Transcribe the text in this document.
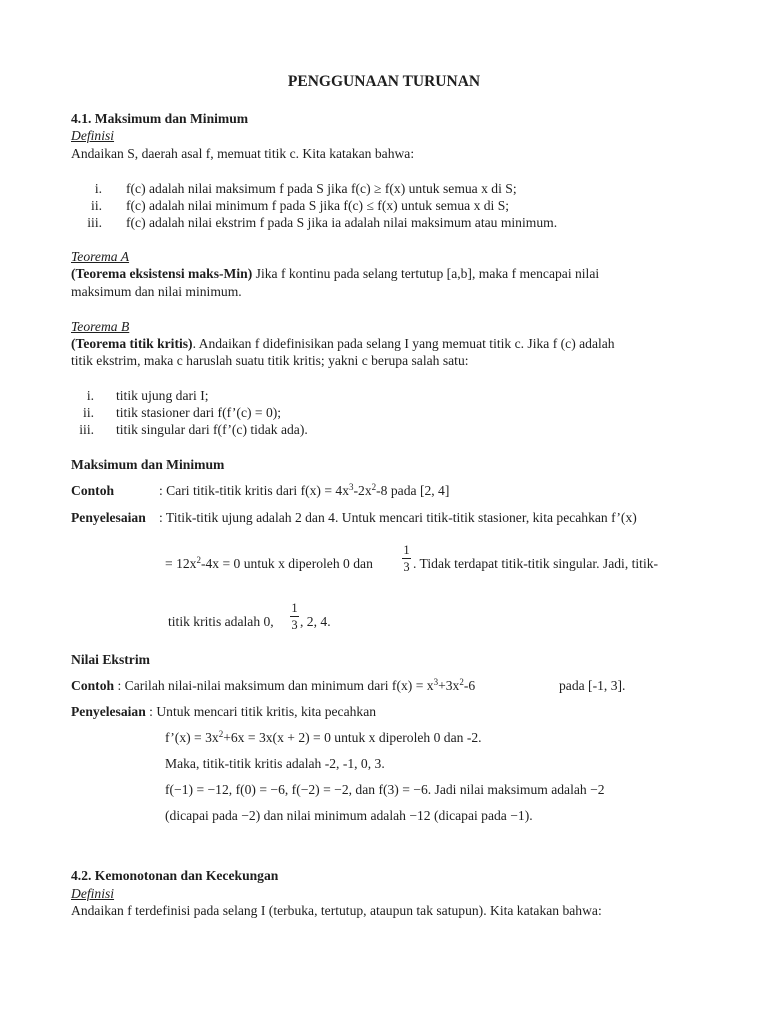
PENGGUNAAN TURUNAN
4.1. Maksimum dan Minimum
Definisi
Andaikan S, daerah asal f, memuat titik c. Kita katakan bahwa:
i. f(c) adalah nilai maksimum f pada S jika f(c) ≥ f(x) untuk semua x di S;
ii. f(c) adalah nilai minimum f pada S jika f(c) ≤ f(x) untuk semua x di S;
iii. f(c) adalah nilai ekstrim f pada S jika ia adalah nilai maksimum atau minimum.
Teorema A
(Teorema eksistensi maks-Min) Jika f kontinu pada selang tertutup [a,b], maka f mencapai nilai
maksimum dan nilai minimum.
Teorema B
(Teorema titik kritis). Andaikan f didefinisikan pada selang I yang memuat titik c. Jika f (c) adalah
titik ekstrim, maka c haruslah suatu titik kritis; yakni c berupa salah satu:
i. titik ujung dari I;
ii. titik stasioner dari f(f’(c) = 0);
iii. titik singular dari f(f’(c) tidak ada).
Maksimum dan Minimum
Contoh	: Cari titik-titik kritis dari $f(x) = 4x^3-2x^2-8$ pada [2, 4]
Penyelesaian : Titik-titik ujung adalah 2 dan 4. Untuk mencari titik-titik stasioner, kita pecahkan f’(x)
= $12x^2-4x = 0$ untuk x diperoleh 0 dan
1
3 . Tidak terdapat titik-titik singular. Jadi, titik-
titik kritis adalah 0,
1
3 , 2, 4.
Nilai Ekstrim
Contoh : Carilah nilai-nilai maksimum dan minimum dari $f(x) = x^3+3x^2-6$	pada [-1, 3].
Penyelesaian : Untuk mencari titik kritis, kita pecahkan
f’(x) = $3x^2+6x = 3x(x + 2) = 0$ untuk x diperoleh 0 dan -2.
Maka, titik-titik kritis adalah -2, -1, 0, 3.
f(−1) = −12, f(0) = −6, f(−2) = −2, dan f(3) = −6. Jadi nilai maksimum adalah −2
(dicapai pada −2) dan nilai minimum adalah −12 (dicapai pada −1).
4.2. Kemonotonan dan Kecekungan
Definisi
Andaikan f terdefinisi pada selang I (terbuka, tertutup, ataupun tak satupun). Kita katakan bahwa:
